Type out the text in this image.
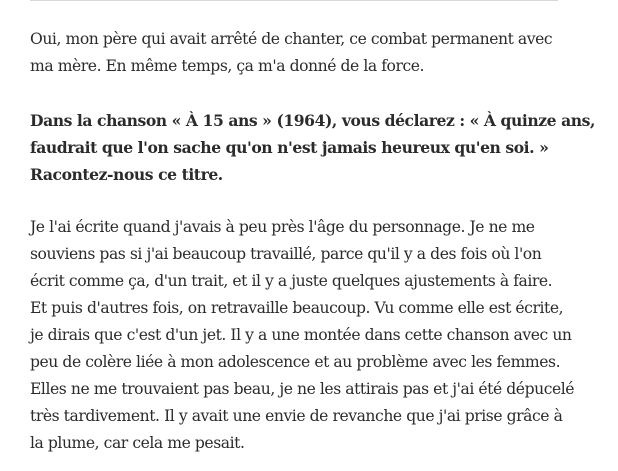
Oui, mon père qui avait arrêté de chanter, ce combat permanent avec
ma mère. En même temps, ça m'a donné de la force.

Dans la chanson « À 15 ans » (1964), vous déclarez : « À quinze ans,
faudrait que l'on sache qu'on n'est jamais heureux qu'en soi. »
Racontez-nous ce titre.

Je l'ai écrite quand j'avais à peu près l'âge du personnage. Je ne me
souviens pas si j'ai beaucoup travaillé, parce qu'il y a des fois où l'on
écrit comme ça, d'un trait, et il y a juste quelques ajustements à faire.
Et puis d'autres fois, on retravaille beaucoup. Vu comme elle est écrite,
je dirais que c'est d'un jet. Il y a une montée dans cette chanson avec un
peu de colère liée à mon adolescence et au problème avec les femmes.
Elles ne me trouvaient pas beau, je ne les attirais pas et j'ai été dépucelé
très tardivement. Il y avait une envie de revanche que j'ai prise grâce à
la plume, car cela me pesait.
